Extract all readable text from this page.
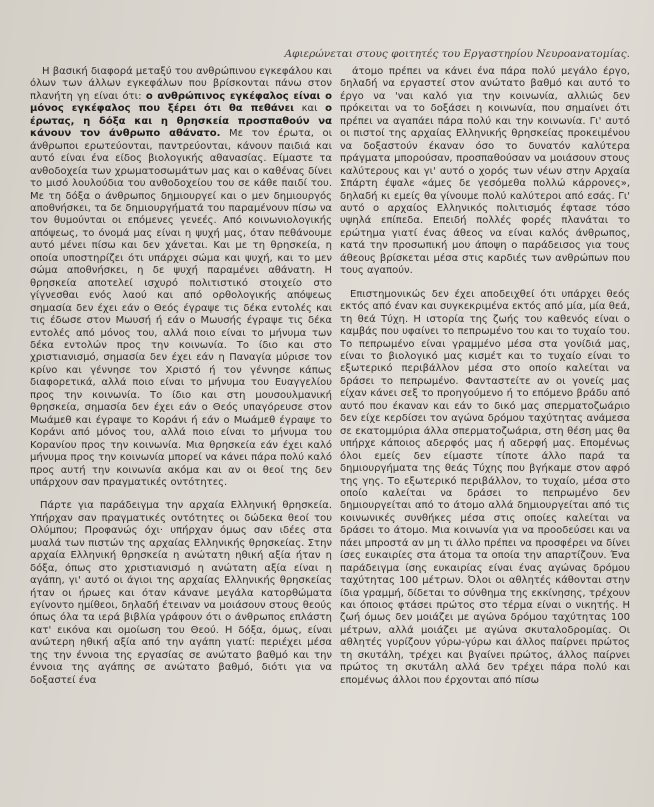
Αφιερώνεται στους φοιτητές του Εργαστηρίου Νευροανατομίας.

Η βασική διαφορά μεταξύ του ανθρώπινου εγκεφάλου και όλων των άλλων εγκεφάλων που βρίσκονται πάνω στον πλανήτη γη είναι ότι: ο ανθρώπινος εγκέφαλος είναι ο μόνος εγκέφαλος που ξέρει ότι θα πεθάνει και ο έρωτας, η δόξα και η θρησκεία προσπαθούν να κάνουν τον άνθρωπο αθάνατο. Με τον έρωτα, οι άνθρωποι ερωτεύονται, παντρεύονται, κάνουν παιδιά και αυτό είναι ένα είδος βιολογικής αθανασίας. Είμαστε τα ανθοδοχεία των χρωματοσωμάτων μας και ο καθένας δίνει το μισό λουλούδια του ανθοδοχείου του σε κάθε παιδί του. Με τη δόξα ο άνθρωπος δημιουργεί και ο μεν δημιουργός αποθνήσκει, τα δε δημιουργήματά του παραμένουν πίσω να τον θυμούνται οι επόμενες γενεές. Από κοινωνιολογικής απόψεως, το όνομά μας είναι η ψυχή μας, όταν πεθάνουμε αυτό μένει πίσω και δεν χάνεται. Και με τη θρησκεία, η οποία υποστηρίζει ότι υπάρχει σώμα και ψυχή, και το μεν σώμα αποθνήσκει, η δε ψυχή παραμένει αθάνατη. Η θρησκεία αποτελεί ισχυρό πολιτιστικό στοιχείο στο γίγνεσθαι ενός λαού και από ορθολογικής απόψεως σημασία δεν έχει εάν ο Θεός έγραψε τις δέκα εντολές και τις έδωσε στον Μωυσή ή εάν ο Μωυσής έγραψε τις δέκα εντολές από μόνος του, αλλά ποιο είναι το μήνυμα των δέκα εντολών προς την κοινωνία. Το ίδιο και στο χριστιανισμό, σημασία δεν έχει εάν η Παναγία μύρισε τον κρίνο και γέννησε τον Χριστό ή τον γέννησε κάπως διαφορετικά, αλλά ποιο είναι το μήνυμα του Ευαγγελίου προς την κοινωνία. Το ίδιο και στη μουσουλμανική θρησκεία, σημασία δεν έχει εάν ο Θεός υπαγόρευσε στον Μωάμεθ και έγραψε το Κοράνι ή εάν ο Μωάμεθ έγραψε το Κοράνι από μόνος του, αλλά ποιο είναι το μήνυμα του Κορανίου προς την κοινωνία. Μια θρησκεία εάν έχει καλό μήνυμα προς την κοινωνία μπορεί να κάνει πάρα πολύ καλό προς αυτή την κοινωνία ακόμα και αν οι θεοί της δεν υπάρχουν σαν πραγματικές οντότητες.

Πάρτε για παράδειγμα την αρχαία Ελληνική θρησκεία. Υπήρχαν σαν πραγματικές οντότητες οι δώδεκα θεοί του Ολύμπου; Προφανώς όχι· υπήρχαν όμως σαν ιδέες στα μυαλά των πιστών της αρχαίας Ελληνικής θρησκείας. Στην αρχαία Ελληνική θρησκεία η ανώτατη ηθική αξία ήταν η δόξα, όπως στο χριστιανισμό η ανώτατη αξία είναι η αγάπη, γι' αυτό οι άγιοι της αρχαίας Ελληνικής θρησκείας ήταν οι ήρωες και όταν κάνανε μεγάλα κατορθώματα εγίνοντο ημίθεοι, δηλαδή έτειναν να μοιάσουν στους θεούς όπως όλα τα ιερά βιβλία γράφουν ότι ο άνθρωπος επλάστη κατ' εικόνα και ομοίωση του Θεού. Η δόξα, όμως, είναι ανώτερη ηθική αξία από την αγάπη γιατί: περιέχει μέσα της την έννοια της εργασίας σε ανώτατο βαθμό και την έννοια της αγάπης σε ανώτατο βαθμό, διότι για να δοξαστεί ένα

άτομο πρέπει να κάνει ένα πάρα πολύ μεγάλο έργο, δηλαδή να εργαστεί στον ανώτατο βαθμό και αυτό το έργο να 'ναι καλό για την κοινωνία, αλλιώς δεν πρόκειται να το δοξάσει η κοινωνία, που σημαίνει ότι πρέπει να αγαπάει πάρα πολύ και την κοινωνία. Γι' αυτό οι πιστοί της αρχαίας Ελληνικής θρησκείας προκειμένου να δοξαστούν έκαναν όσο το δυνατόν καλύτερα πράγματα μπορούσαν, προσπαθούσαν να μοιάσουν στους καλύτερους και γι' αυτό ο χορός των νέων στην Αρχαία Σπάρτη έψαλε «άμες δε γεσόμεθα πολλώ κάρρονες», δηλαδή κι εμείς θα γίνουμε πολύ καλύτεροι από εσάς. Γι' αυτό ο αρχαίος Ελληνικός πολιτισμός έφτασε τόσο υψηλά επίπεδα. Επειδή πολλές φορές πλανάται το ερώτημα γιατί ένας άθεος να είναι καλός άνθρωπος, κατά την προσωπική μου άποψη ο παράδεισος για τους άθεους βρίσκεται μέσα στις καρδιές των ανθρώπων που τους αγαπούν.

Επιστημονικώς δεν έχει αποδειχθεί ότι υπάρχει θεός εκτός από έναν και συγκεκριμένα εκτός από μία, μία θεά, τη θεά Τύχη. Η ιστορία της ζωής του καθενός είναι ο καμβάς που υφαίνει το πεπρωμένο του και το τυχαίο του. Το πεπρωμένο είναι γραμμένο μέσα στα γονίδιά μας, είναι το βιολογικό μας κισμέτ και το τυχαίο είναι το εξωτερικό περιβάλλον μέσα στο οποίο καλείται να δράσει το πεπρωμένο. Φανταστείτε αν οι γονείς μας είχαν κάνει σεξ το προηγούμενο ή το επόμενο βράδυ από αυτό που έκαναν και εάν το δικό μας σπερματοζωάριο δεν είχε κερδίσει τον αγώνα δρόμου ταχύτητας ανάμεσα σε εκατομμύρια άλλα σπερματοζωάρια, στη θέση μας θα υπήρχε κάποιος αδερφός μας ή αδερφή μας. Επομένως όλοι εμείς δεν είμαστε τίποτε άλλο παρά τα δημιουργήματα της θεάς Τύχης που βγήκαμε στον αφρό της γης. Το εξωτερικό περιβάλλον, το τυχαίο, μέσα στο οποίο καλείται να δράσει το πεπρωμένο δεν δημιουργείται από το άτομο αλλά δημιουργείται από τις κοινωνικές συνθήκες μέσα στις οποίες καλείται να δράσει το άτομο. Μια κοινωνία για να προοδεύσει και να πάει μπροστά αν μη τι άλλο πρέπει να προσφέρει να δίνει ίσες ευκαιρίες στα άτομα τα οποία την απαρτίζουν. Ένα παράδειγμα ίσης ευκαιρίας είναι ένας αγώνας δρόμου ταχύτητας 100 μέτρων. Όλοι οι αθλητές κάθονται στην ίδια γραμμή, δίδεται το σύνθημα της εκκίνησης, τρέχουν και όποιος φτάσει πρώτος στο τέρμα είναι ο νικητής. Η ζωή όμως δεν μοιάζει με αγώνα δρόμου ταχύτητας 100 μέτρων, αλλά μοιάζει με αγώνα σκυταλοδρομίας. Οι αθλητές γυρίζουν γύρω-γύρω και άλλος παίρνει πρώτος τη σκυτάλη, τρέχει και βγαίνει πρώτος, άλλος παίρνει πρώτος τη σκυτάλη αλλά δεν τρέχει πάρα πολύ και επομένως άλλοι που έρχονται από πίσω
